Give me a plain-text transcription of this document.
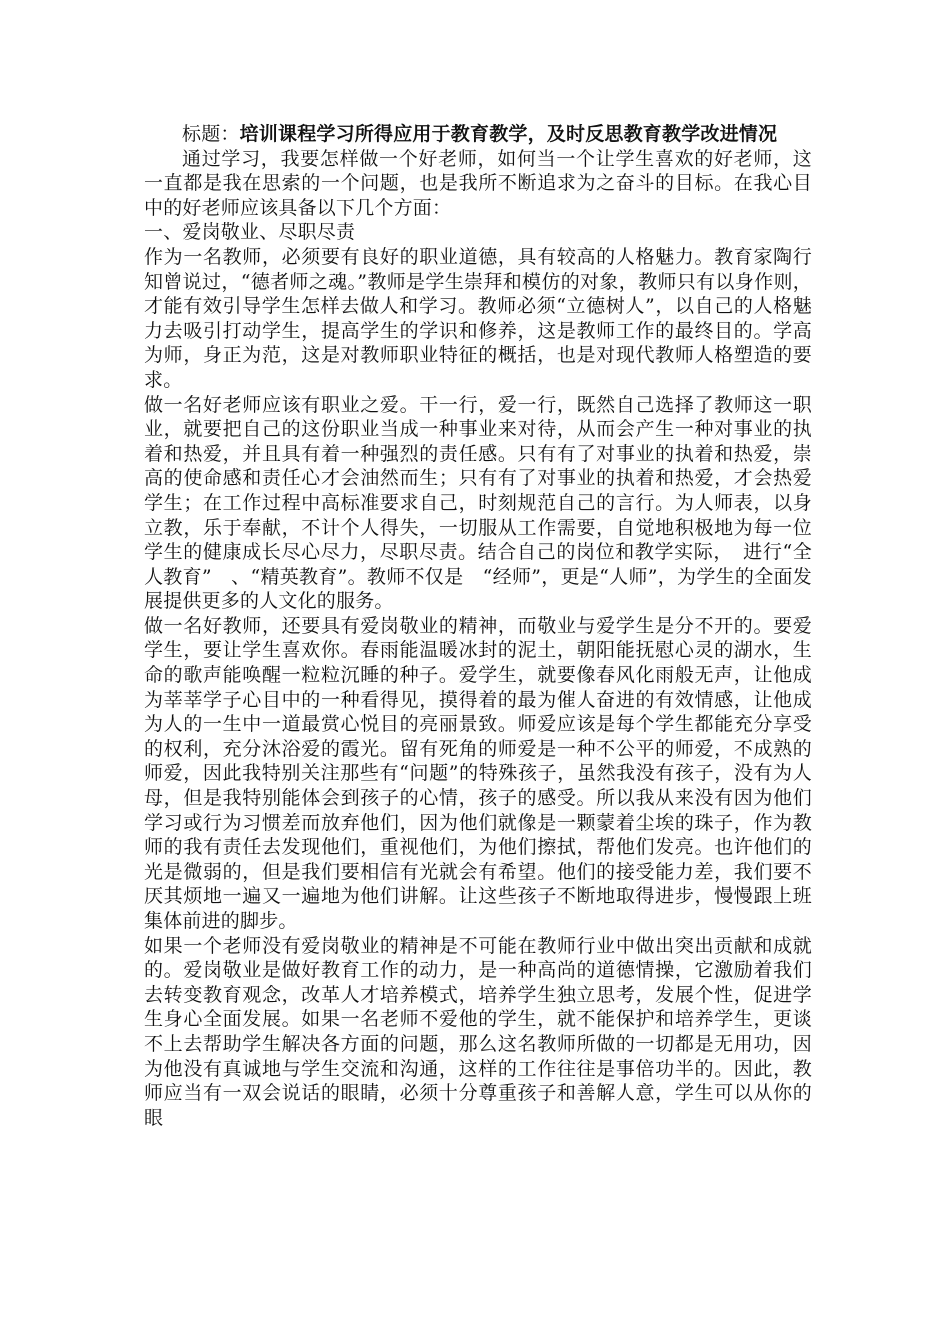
标题：培训课程学习所得应用于教育教学，及时反思教育教学改进情况

通过学习，我要怎样做一个好老师，如何当一个让学生喜欢的好老师，这一直都是我在思索的一个问题，也是我所不断追求为之奋斗的目标。在我心目中的好老师应该具备以下几个方面：

一、爱岗敬业、尽职尽责

作为一名教师，必须要有良好的职业道德，具有较高的人格魅力。教育家陶行知曾说过，“德者师之魂。”教师是学生崇拜和模仿的对象，教师只有以身作则，才能有效引导学生怎样去做人和学习。教师必须“立德树人”，以自己的人格魅力去吸引打动学生，提高学生的学识和修养，这是教师工作的最终目的。学高为师，身正为范，这是对教师职业特征的概括，也是对现代教师人格塑造的要求。

做一名好老师应该有职业之爱。干一行，爱一行，既然自己选择了教师这一职业，就要把自己的这份职业当成一种事业来对待，从而会产生一种对事业的执着和热爱，并且具有着一种强烈的责任感。只有有了对事业的执着和热爱，崇高的使命感和责任心才会油然而生；只有有了对事业的执着和热爱，才会热爱学生；在工作过程中高标准要求自己，时刻规范自己的言行。为人师表，以身立教，乐于奉献，不计个人得失，一切服从工作需要，自觉地积极地为每一位学生的健康成长尽心尽力，尽职尽责。结合自己的岗位和教学实际，　进行“全人教育”　、“精英教育”。教师不仅是　“经师”，更是“人师”，为学生的全面发展提供更多的人文化的服务。

做一名好教师，还要具有爱岗敬业的精神，而敬业与爱学生是分不开的。要爱学生，要让学生喜欢你。春雨能温暖冰封的泥土，朝阳能抚慰心灵的湖水，生命的歌声能唤醒一粒粒沉睡的种子。爱学生，就要像春风化雨般无声，让他成为莘莘学子心目中的一种看得见，摸得着的最为催人奋进的有效情感，让他成为人的一生中一道最赏心悦目的亮丽景致。师爱应该是每个学生都能充分享受的权利，充分沐浴爱的霞光。留有死角的师爱是一种不公平的师爱，不成熟的师爱，因此我特别关注那些有“问题”的特殊孩子，虽然我没有孩子，没有为人母，但是我特别能体会到孩子的心情，孩子的感受。所以我从来没有因为他们学习或行为习惯差而放弃他们，因为他们就像是一颗蒙着尘埃的珠子，作为教师的我有责任去发现他们，重视他们，为他们擦拭，帮他们发亮。也许他们的光是微弱的，但是我们要相信有光就会有希望。他们的接受能力差，我们要不厌其烦地一遍又一遍地为他们讲解。让这些孩子不断地取得进步，慢慢跟上班集体前进的脚步。

如果一个老师没有爱岗敬业的精神是不可能在教师行业中做出突出贡献和成就的。爱岗敬业是做好教育工作的动力，是一种高尚的道德情操，它激励着我们去转变教育观念，改革人才培养模式，培养学生独立思考，发展个性，促进学生身心全面发展。如果一名老师不爱他的学生，就不能保护和培养学生，更谈不上去帮助学生解决各方面的问题，那么这名教师所做的一切都是无用功，因为他没有真诚地与学生交流和沟通，这样的工作往往是事倍功半的。因此，教师应当有一双会说话的眼睛，必须十分尊重孩子和善解人意，学生可以从你的眼
